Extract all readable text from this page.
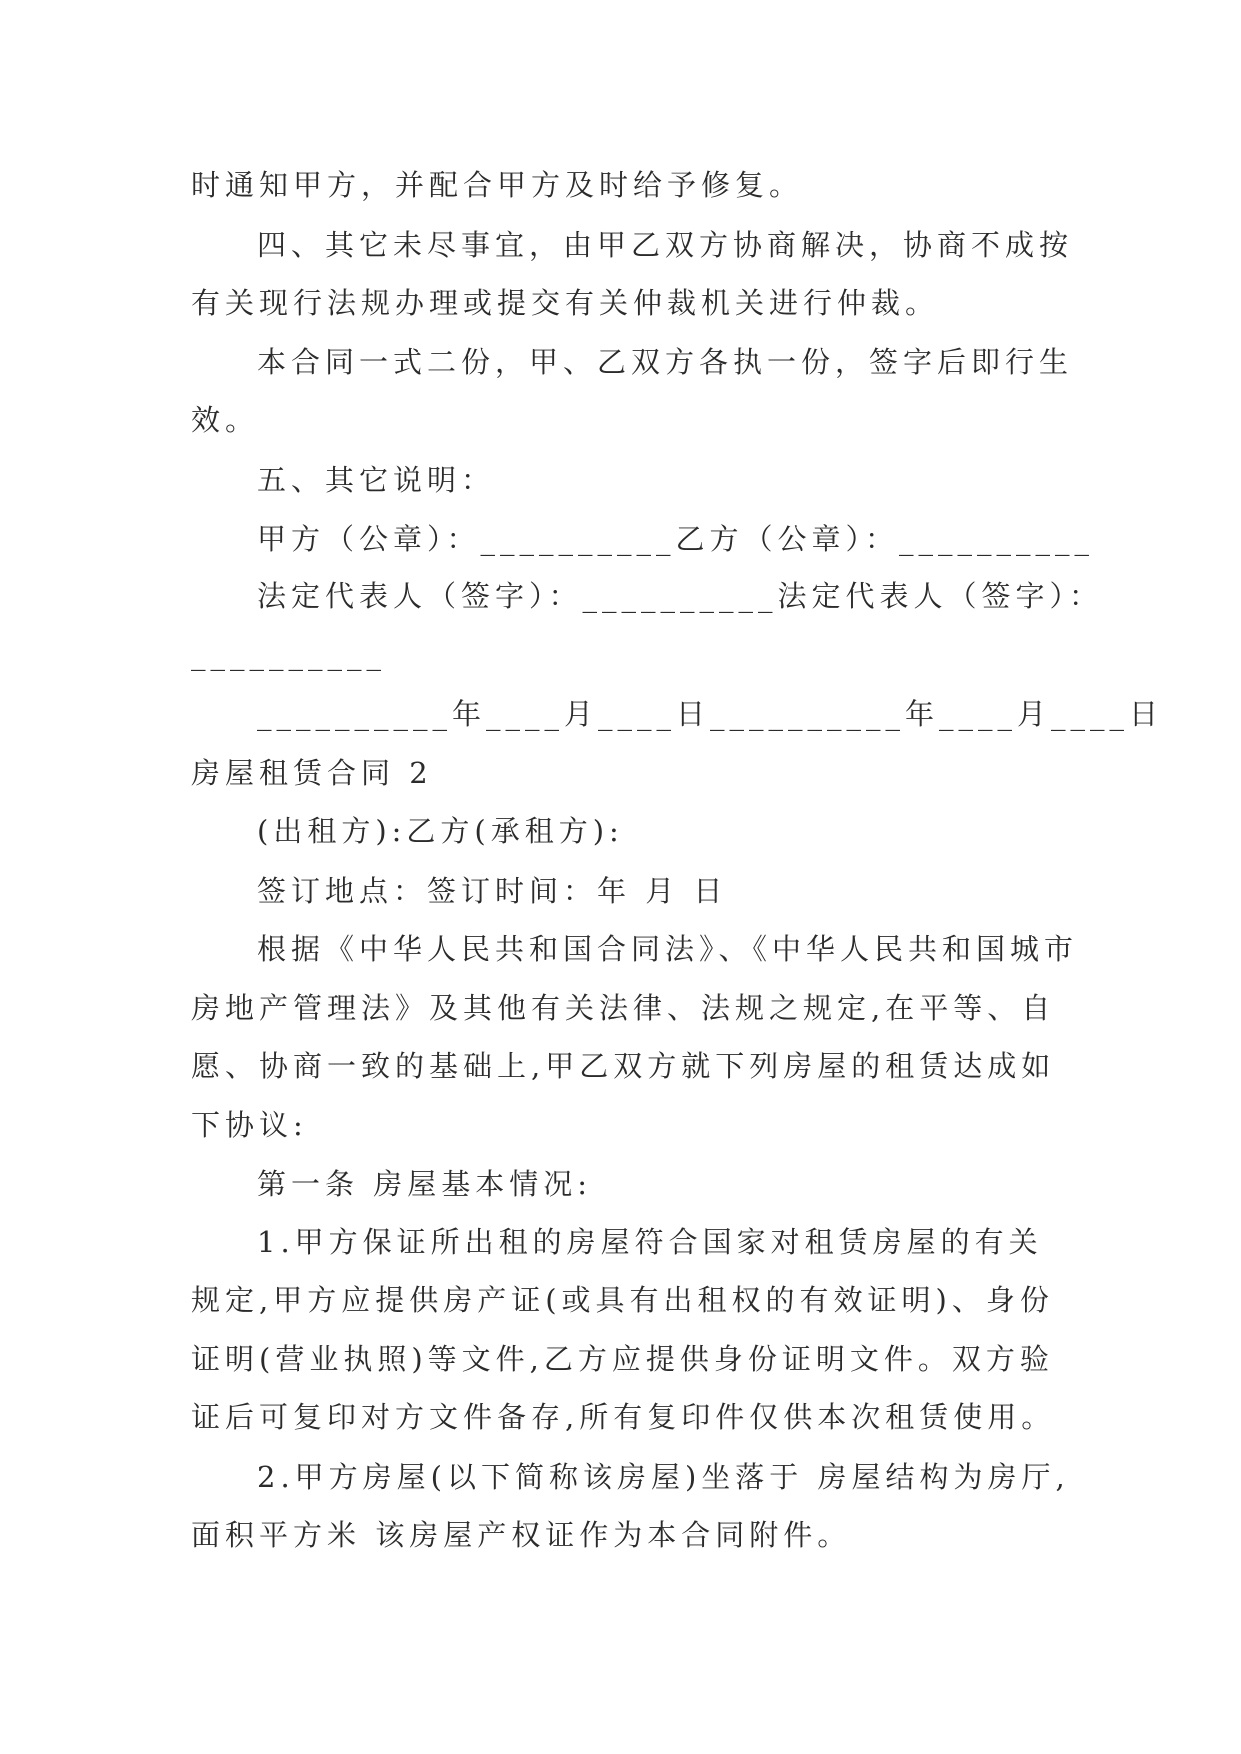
时通知甲方，并配合甲方及时给予修复。
四、其它未尽事宜，由甲乙双方协商解决，协商不成按
有关现行法规办理或提交有关仲裁机关进行仲裁。
本合同一式二份，甲、乙双方各执一份，签字后即行生
效。
五、其它说明：
甲方（公章）：__________乙方（公章）：__________
法定代表人（签字）：__________法定代表人（签字）：
__________
__________年____月____日__________年____月____日
房屋租赁合同 2
(出租方):乙方(承租方):
签订地点：签订时间：年 月 日
根据《中华人民共和国合同法》、《中华人民共和国城市
房地产管理法》及其他有关法律、法规之规定,在平等、自
愿、协商一致的基础上,甲乙双方就下列房屋的租赁达成如
下协议:
第一条 房屋基本情况:
1.甲方保证所出租的房屋符合国家对租赁房屋的有关
规定,甲方应提供房产证(或具有出租权的有效证明)、身份
证明(营业执照)等文件,乙方应提供身份证明文件。双方验
证后可复印对方文件备存,所有复印件仅供本次租赁使用。
2.甲方房屋(以下简称该房屋)坐落于 房屋结构为房厅,
面积平方米 该房屋产权证作为本合同附件。
